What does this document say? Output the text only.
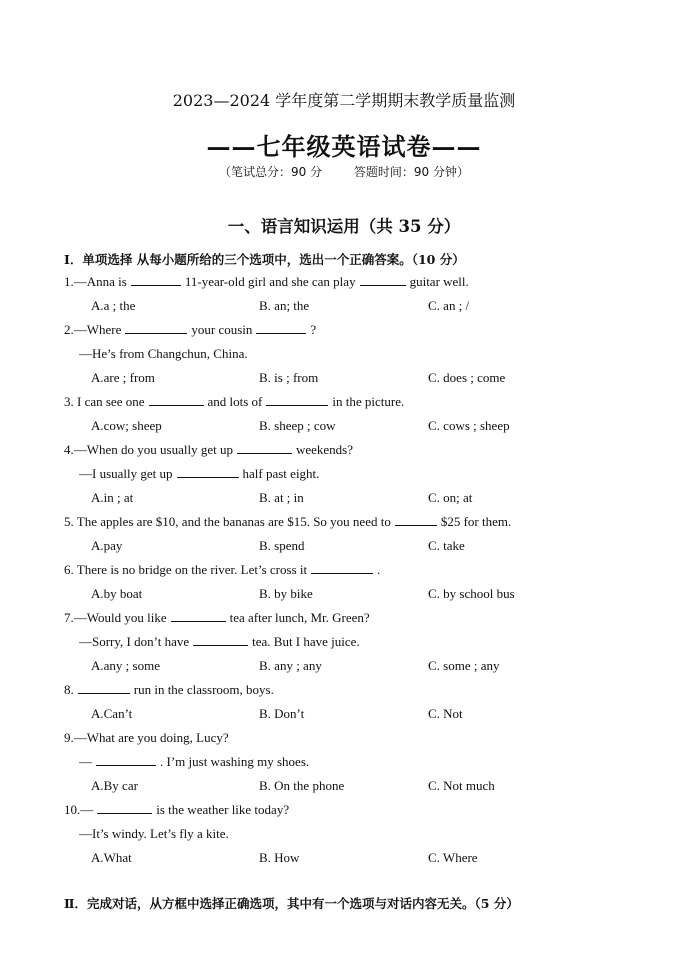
2023—2024 学年度第二学期期末教学质量监测
——七年级英语试卷——
（笔试总分：90 分	答题时间：90 分钟）
一、语言知识运用（共 35 分）
Ⅰ．单项选择 从每小题所给的三个选项中，选出一个正确答案。（10 分）
1.—Anna is	11-year-old girl and she can play	guitar well.
A.a ; the	B. an; the	C. an ; /
2.—Where	your cousin	?
—He’s from Changchun, China.
A.are ; from	B. is ; from	C. does ; come
3. I can see one	and lots of	in the picture.
A.cow; sheep	B. sheep ; cow	C. cows ; sheep
4.—When do you usually get up	weekends?
—I usually get up	half past eight.
A.in ; at	B. at ; in	C. on; at
5. The apples are $10, and the bananas are $15. So you need to	$25 for them.
A.pay	B. spend	C. take
6. There is no bridge on the river. Let’s cross it	.
A.by boat	B. by bike	C. by school bus
7.—Would you like	tea after lunch, Mr. Green?
—Sorry, I don’t have	tea. But I have juice.
A.any ; some	B. any ; any	C. some ; any
8.	run in the classroom, boys.
A.Can’t	B. Don’t	C. Not
9.—What are you doing, Lucy?
—	. I’m just washing my shoes.
A.By car	B. On the phone	C. Not much
10.—	is the weather like today?
—It’s windy. Let’s fly a kite.
A.What	B. How	C. Where
Ⅱ．完成对话，从方框中选择正确选项，其中有一个选项与对话内容无关。（5 分）
